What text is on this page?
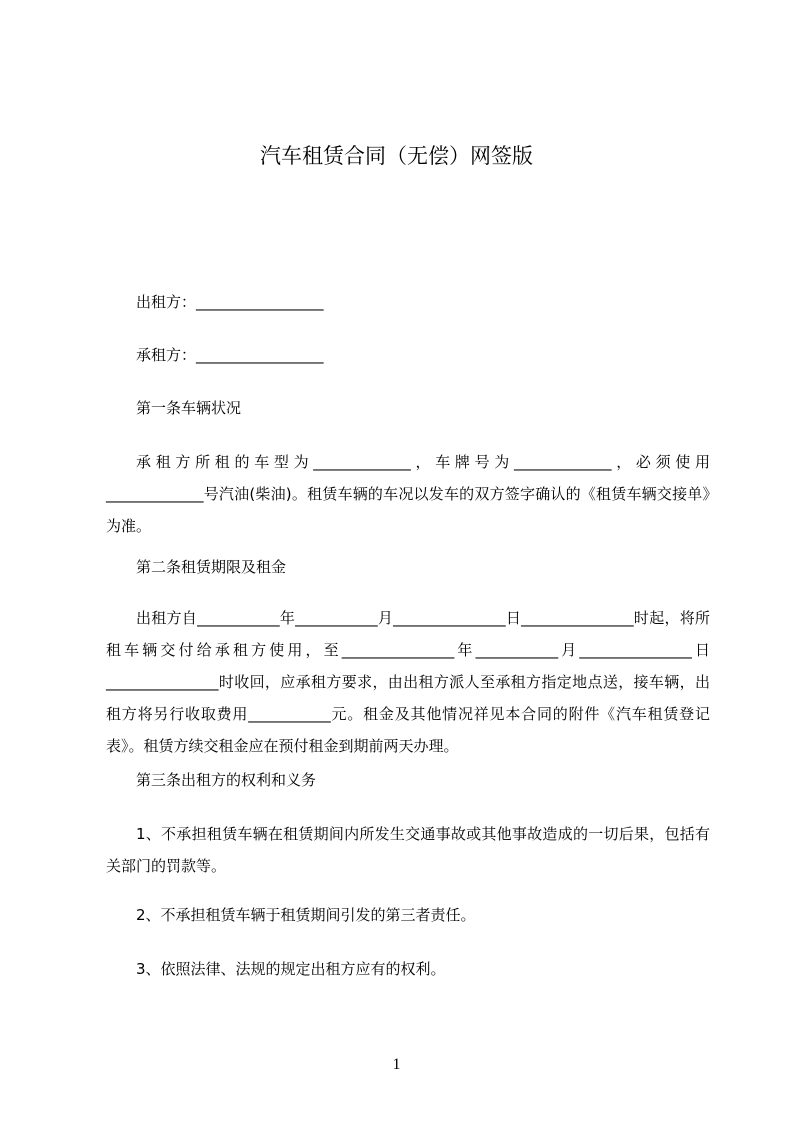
汽车租赁合同（无偿）网签版
出租方：_________________
承租方：_________________
第一条车辆状况
承租方所租的车型为_____________，车牌号为_____________，必须使用_____________号汽油(柴油)。租赁车辆的车况以发车的双方签字确认的《租赁车辆交接单》为准。
第二条租赁期限及租金
出租方自___________年___________月_______________日_______________时起，将所租车辆交付给承租方使用，至_______________年___________月_______________日_______________时收回，应承租方要求，由出租方派人至承租方指定地点送，接车辆，出租方将另行收取费用___________元。租金及其他情况祥见本合同的附件《汽车租赁登记表》。租赁方续交租金应在预付租金到期前两天办理。
第三条出租方的权利和义务
1、不承担租赁车辆在租赁期间内所发生交通事故或其他事故造成的一切后果，包括有关部门的罚款等。
2、不承担租赁车辆于租赁期间引发的第三者责任。
3、依照法律、法规的规定出租方应有的权利。
1
